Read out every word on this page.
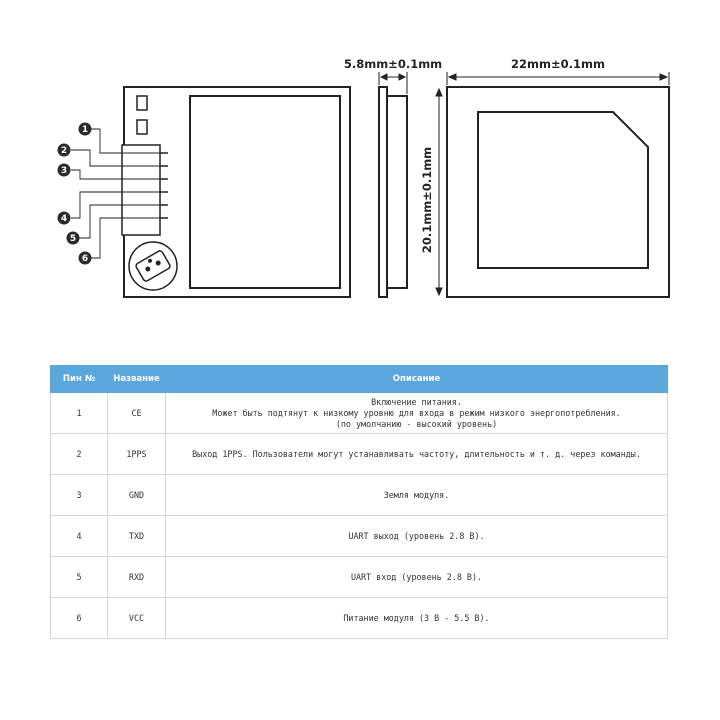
1
2
3
4
5
6
5.8mm±0.1mm	22mm±0.1mm
20.1mm±0.1mm
Пин №	Название	Описание
1	CE	Включение питания.
Может быть подтянут к низкому уровню для входа в режим низкого энергопотребления.
(по умолчанию - высокий уровень)

2	1PPS	Выход 1PPS. Пользователи могут устанавливать частоту, длительность и т. д. через команды.

3	GND	Земля модуля.

4	TXD	UART выход (уровень 2.8 В).

5	RXD	UART вход (уровень 2.8 В).

6	VCC	Питание модуля (3 В - 5.5 В).
